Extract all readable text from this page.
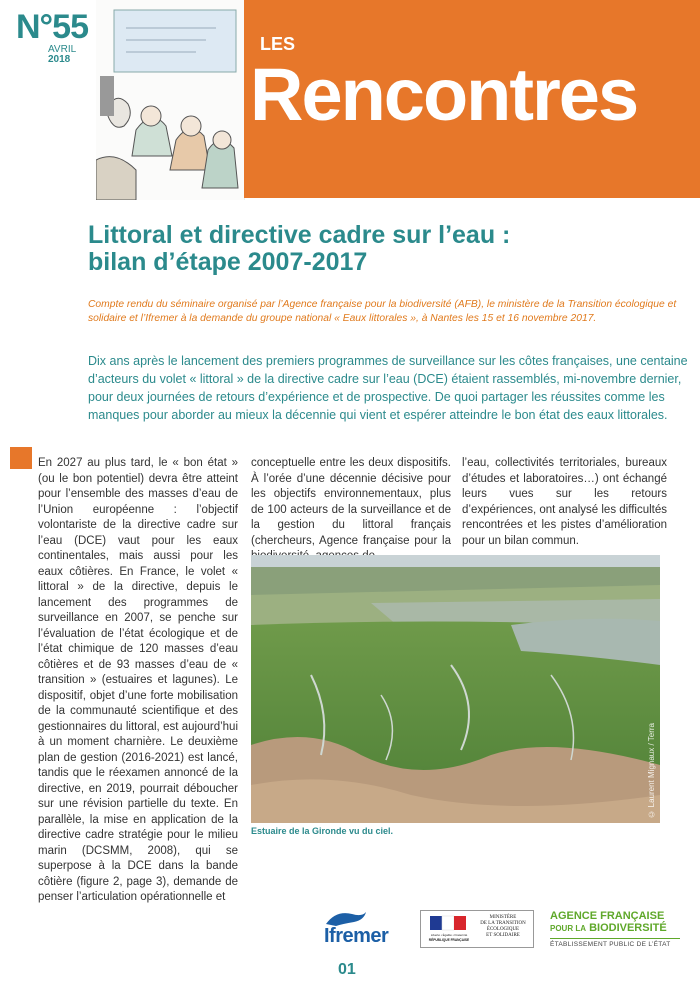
N°55
AVRIL
2018
LES
Rencontres
Littoral et directive cadre sur l’eau :
bilan d’étape 2007-2017
Compte rendu du séminaire organisé par l’Agence française pour la biodiversité (AFB), le ministère de la Transition écologique et solidaire et l’Ifremer à la demande du groupe national « Eaux littorales », à Nantes les 15 et 16 novembre 2017.
Dix ans après le lancement des premiers programmes de surveillance sur les côtes françaises, une centaine d’acteurs du volet « littoral » de la directive cadre sur l’eau (DCE) étaient rassemblés, mi-novembre dernier, pour deux journées de retours d’expérience et de prospective. De quoi partager les réussites comme les manques pour aborder au mieux la décennie qui vient et espérer atteindre le bon état des eaux littorales.
En 2027 au plus tard, le « bon état » (ou le bon potentiel) devra être atteint pour l’ensemble des masses d’eau de l’Union européenne : l’objectif volontariste de la directive cadre sur l’eau (DCE) vaut pour les eaux continentales, mais aussi pour les eaux côtières. En France, le volet « littoral » de la directive, depuis le lancement des programmes de surveillance en 2007, se penche sur l’évaluation de l’état écologique et de l’état chimique de 120 masses d’eau côtières et de 93 masses d’eau de « transition » (estuaires et lagunes). Le dispositif, objet d’une forte mobilisation de la communauté scientifique et des gestionnaires du littoral, est aujourd’hui à un moment charnière. Le deuxième plan de gestion (2016-2021) est lancé, tandis que le réexamen annoncé de la directive, en 2019, pourrait déboucher sur une révision partielle du texte. En parallèle, la mise en application de la directive cadre stratégie pour le milieu marin (DCSMM, 2008), qui se superpose à la DCE dans la bande côtière (figure 2, page 3), demande de penser l’articulation opérationnelle et
conceptuelle entre les deux dispositifs. À l’orée d’une décennie décisive pour les objectifs environnementaux, plus de 100 acteurs de la surveillance et de la gestion du littoral français (chercheurs, Agence française pour la
l’eau, collectivités territoriales, bureaux d’études et laboratoires…) ont échangé leurs vues sur les retours d’expériences, ont analysé les difficultés rencontrées et les pistes d’amélioration pour un bilan commun.
© Laurent Mignaux / Terra
Estuaire de la Gironde vu du ciel.
Ifremer	Liberté • Égalité • Fraternité
RÉPUBLIQUE FRANÇAISE
MINISTÈRE
DE LA TRANSITION
ÉCOLOGIQUE
ET SOLIDAIRE
AGENCE FRANÇAISE
POUR LA BIODIVERSITÉ
ÉTABLISSEMENT PUBLIC DE L’ÉTAT
01
